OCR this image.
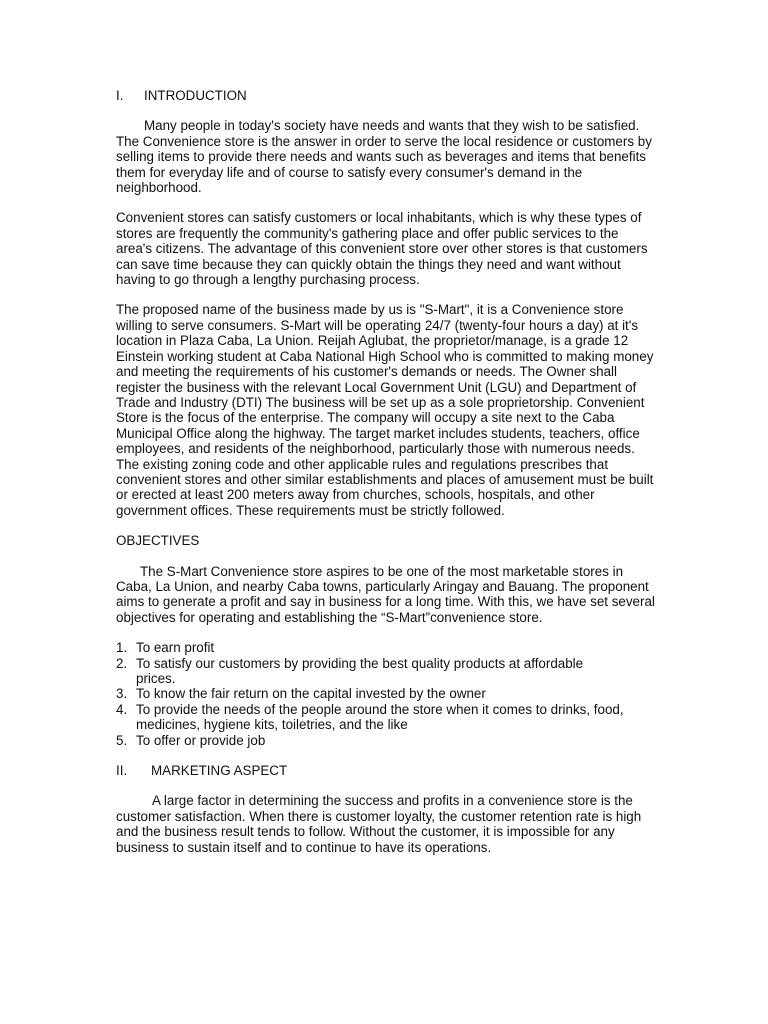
I. INTRODUCTION

Many people in today's society have needs and wants that they wish to be satisfied. The Convenience store is the answer in order to serve the local residence or customers by selling items to provide there needs and wants such as beverages and items that benefits them for everyday life and of course to satisfy every consumer's demand in the neighborhood.

Convenient stores can satisfy customers or local inhabitants, which is why these types of stores are frequently the community's gathering place and offer public services to the area's citizens. The advantage of this convenient store over other stores is that customers can save time because they can quickly obtain the things they need and want without having to go through a lengthy purchasing process.

The proposed name of the business made by us is "S-Mart", it is a Convenience store willing to serve consumers. S-Mart will be operating 24/7 (twenty-four hours a day) at it's location in Plaza Caba, La Union. Reijah Aglubat, the proprietor/manage, is a grade 12 Einstein working student at Caba National High School who is committed to making money and meeting the requirements of his customer's demands or needs. The Owner shall register the business with the relevant Local Government Unit (LGU) and Department of Trade and Industry (DTI) The business will be set up as a sole proprietorship. Convenient Store is the focus of the enterprise. The company will occupy a site next to the Caba Municipal Office along the highway. The target market includes students, teachers, office employees, and residents of the neighborhood, particularly those with numerous needs. The existing zoning code and other applicable rules and regulations prescribes that convenient stores and other similar establishments and places of amusement must be built or erected at least 200 meters away from churches, schools, hospitals, and other government offices. These requirements must be strictly followed.

OBJECTIVES

The S-Mart Convenience store aspires to be one of the most marketable stores in Caba, La Union, and nearby Caba towns, particularly Aringay and Bauang. The proponent aims to generate a profit and say in business for a long time. With this, we have set several objectives for operating and establishing the “S-Mart”convenience store.

1. To earn profit
2. To satisfy our customers by providing the best quality products at affordable
prices.
3. To know the fair return on the capital invested by the owner
4. To provide the needs of the people around the store when it comes to drinks, food,
medicines, hygiene kits, toiletries, and the like
5. To offer or provide job

II. MARKETING ASPECT

A large factor in determining the success and profits in a convenience store is the customer satisfaction. When there is customer loyalty, the customer retention rate is high and the business result tends to follow. Without the customer, it is impossible for any business to sustain itself and to continue to have its operations.
